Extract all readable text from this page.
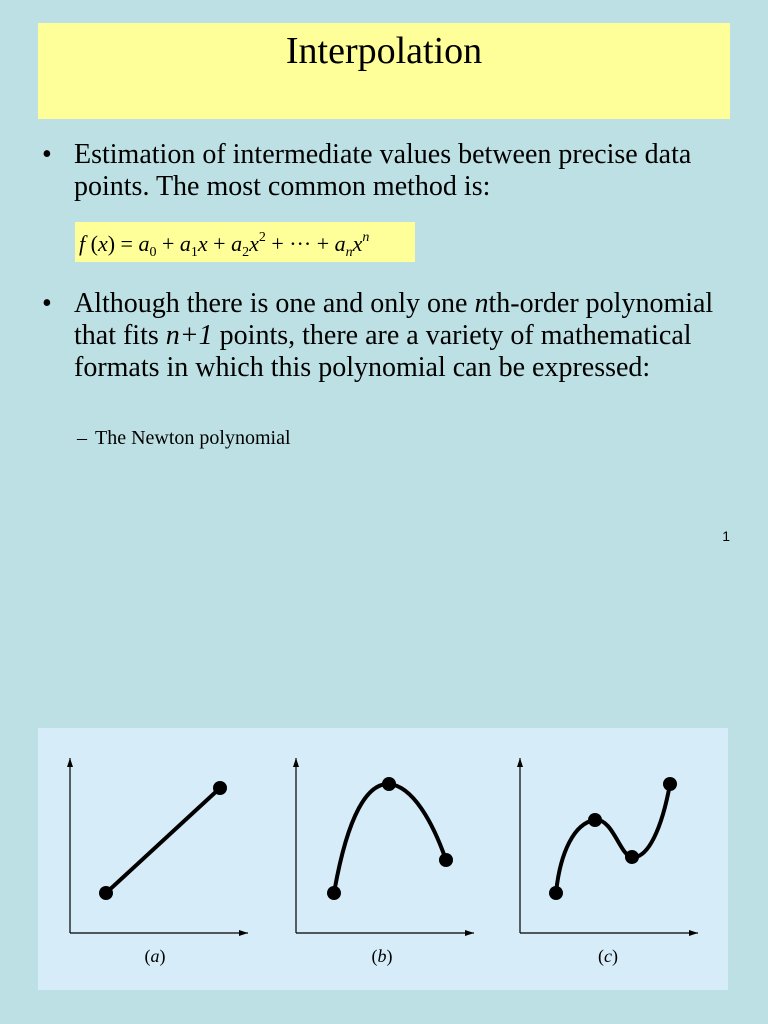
Interpolation
• Estimation of intermediate values between precise data points. The most common method is:
f $(x) = a_0 + a_1x + a_2x^2$ + ··· + $a_nx^n$
• Although there is one and only one nth-order polynomial that fits n+1 points, there are a variety of mathematical formats in which this polynomial can be expressed:
– The Newton polynomial
1
(a)	(b)	(c)
